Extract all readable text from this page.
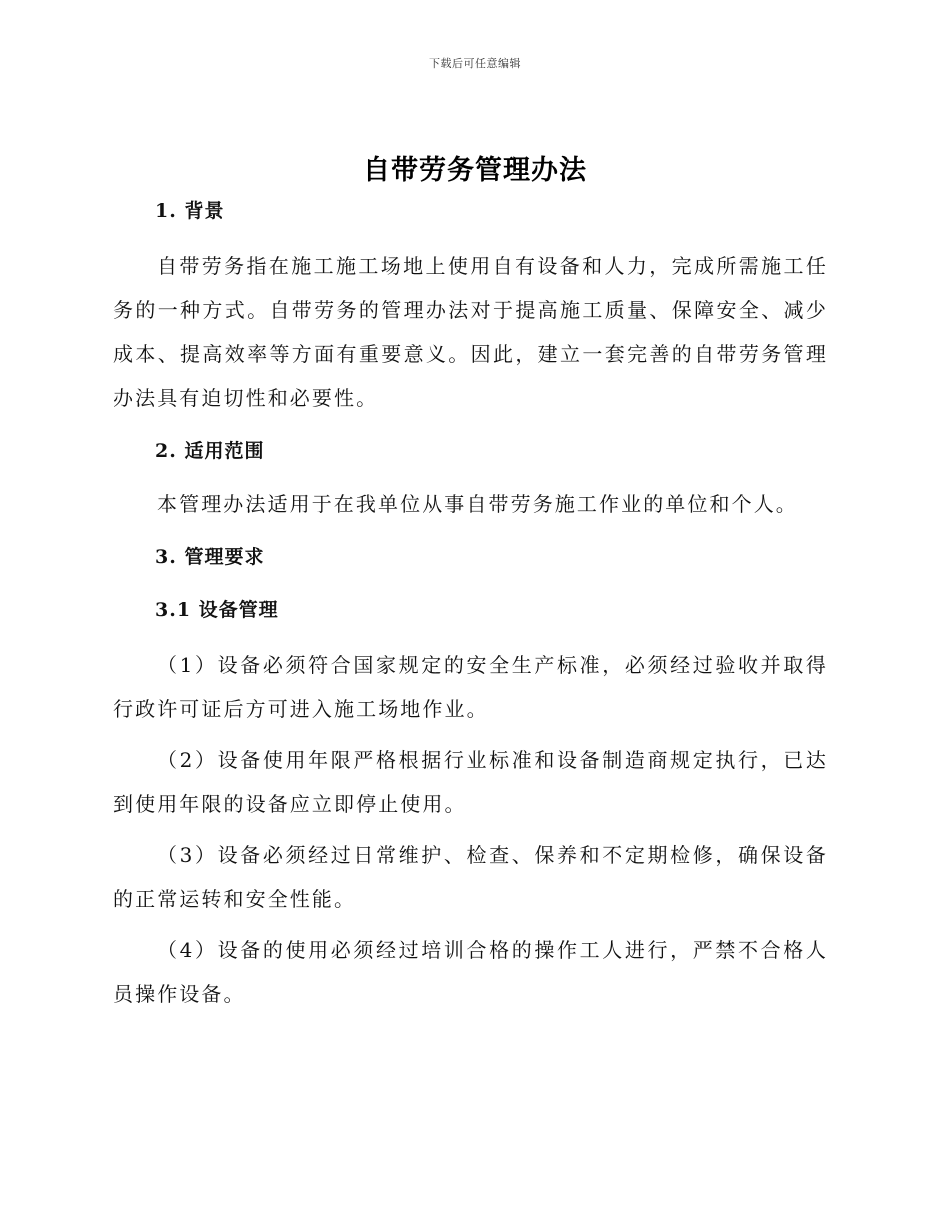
下载后可任意编辑
自带劳务管理办法

1. 背景

自带劳务指在施工施工场地上使用自有设备和人力，完成所需施工任务的一种方式。自带劳务的管理办法对于提高施工质量、保障安全、减少成本、提高效率等方面有重要意义。因此，建立一套完善的自带劳务管理办法具有迫切性和必要性。

2. 适用范围

本管理办法适用于在我单位从事自带劳务施工作业的单位和个人。

3. 管理要求

3.1 设备管理

（1）设备必须符合国家规定的安全生产标准，必须经过验收并取得行政许可证后方可进入施工场地作业。

（2）设备使用年限严格根据行业标准和设备制造商规定执行，已达到使用年限的设备应立即停止使用。

（3）设备必须经过日常维护、检查、保养和不定期检修，确保设备的正常运转和安全性能。

（4）设备的使用必须经过培训合格的操作工人进行，严禁不合格人员操作设备。
